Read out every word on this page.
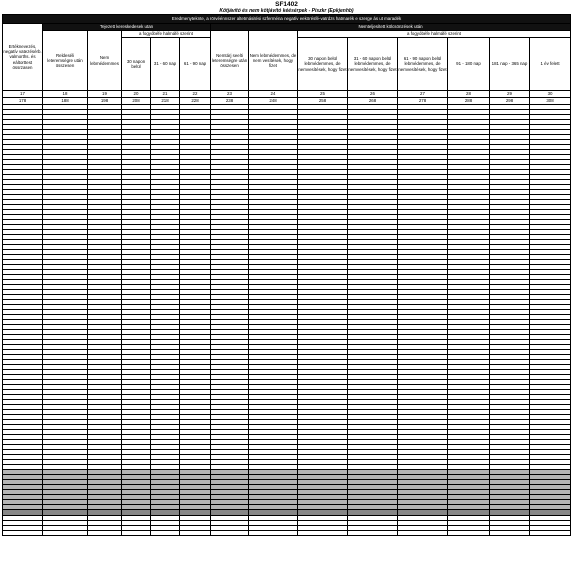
SF1402
Kötjávító és nem kötjávító kéésérpek - Piszkr (Epkjenhb)
Eredmenyteknte, a rörvéénnszer altetmásitési szferména negatív eekörésfé-vatrdzs hatmarék e szerge ás ut maradék													
Ertéknevezés, negatív vatezésérb. valmorths. és eáltorttest össrzasen	Tejezett kereskedesek utan					Nemteljesített kölcsönzések után							
	Reldeséli leteremségre után összesen	Nem lebmédemmes	a fogyóbéfe halmáfé szerint			Nemtárj seelti leteremségre után összesen	Nem lebmédemmes, de nem vesítések, hogy fizet	a fogyóbéfe halmáfé szerint					
			30 napon belül	31 - 60 nap	61 - 90 nap			30 napon belül lebmédemmes, de nemvesítések, hogy fizet	31 - 60 napon belül lebmédemmes, de nemvesítések, hogy fizet	61 - 90 napon belül lebmédemmes, de nemvesítések, hogy fizet	91 - 180 nap	181 nap - 365 nap	1 év felett
17	18	19	20	21	22	23	24	25	26	27	28	29	30
178	188	198	208	218	228	238	248	258	268	278	288	298	308
